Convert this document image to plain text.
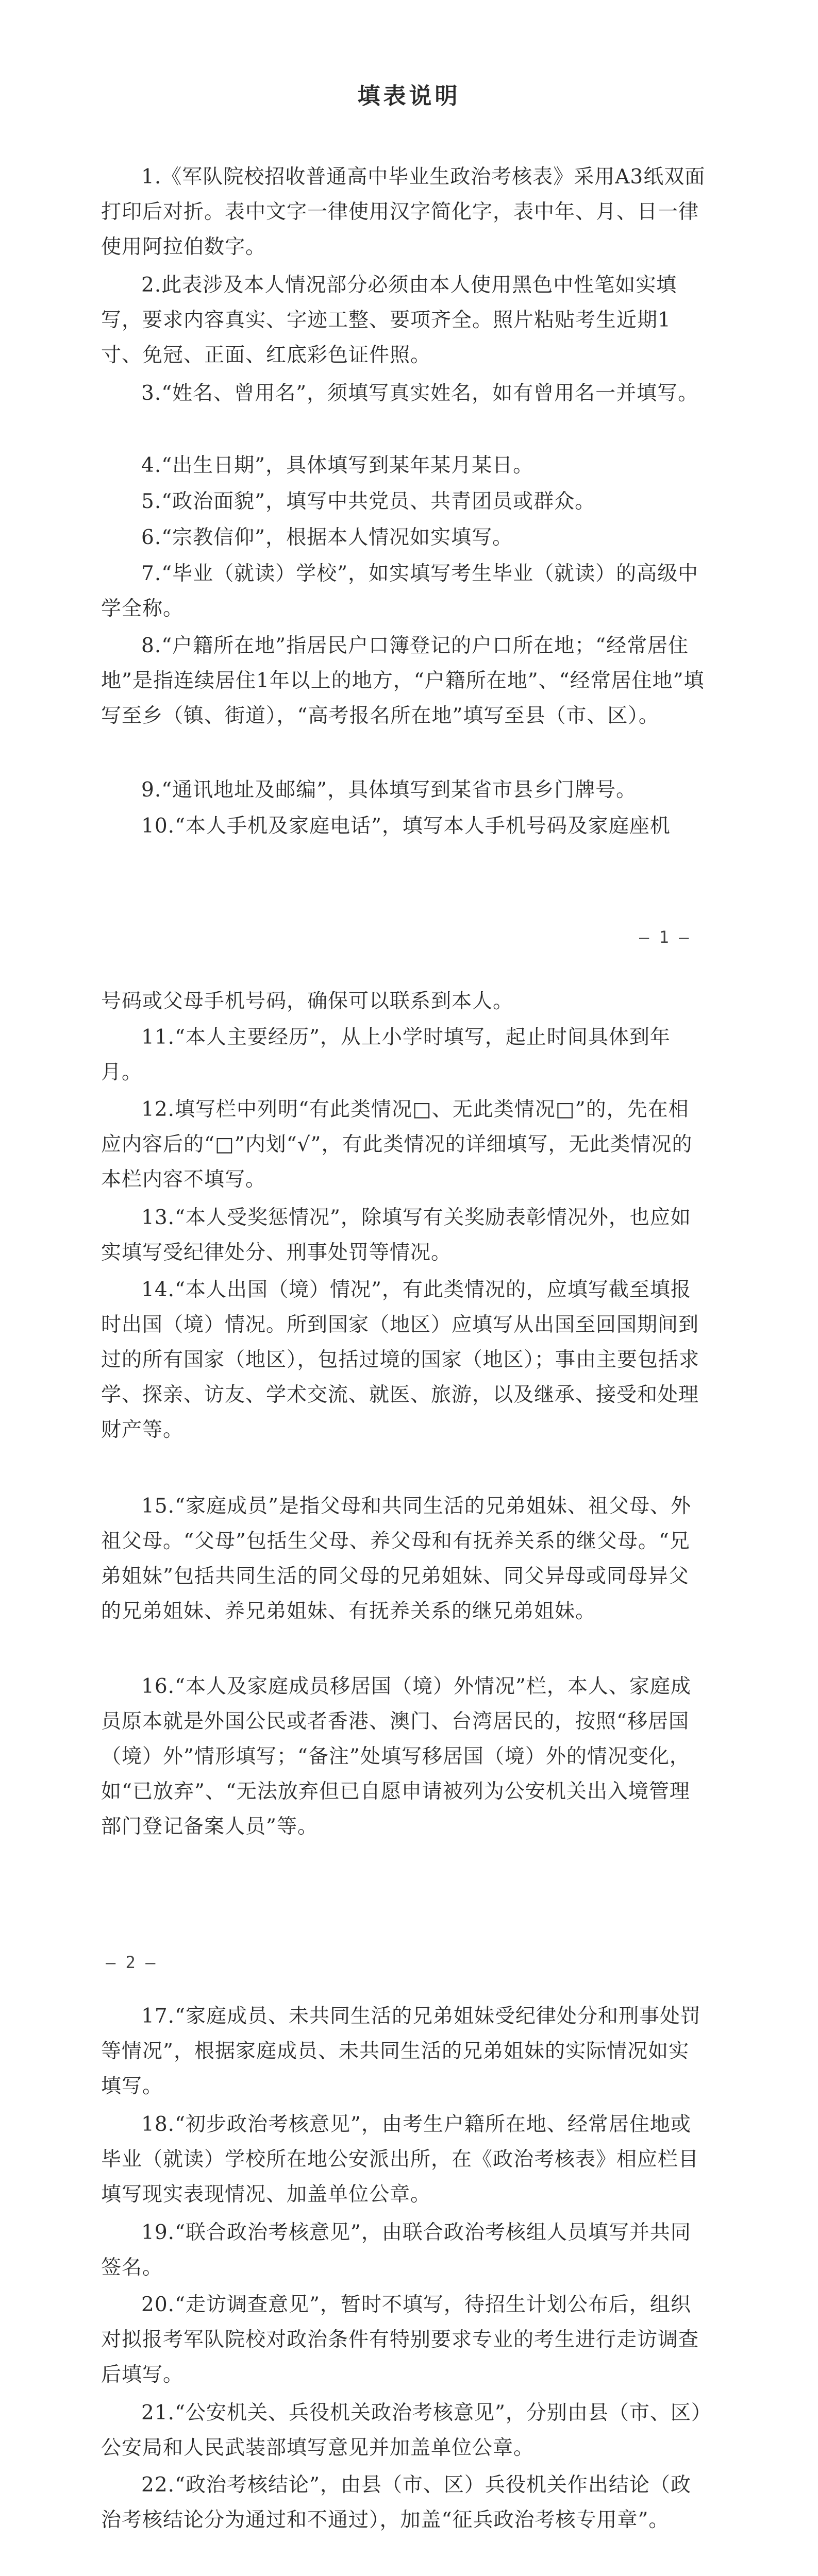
填表说明

1.《军队院校招收普通高中毕业生政治考核表》采用A3纸双面打印后对折。表中文字一律使用汉字简化字，表中年、月、日一律使用阿拉伯数字。

2.此表涉及本人情况部分必须由本人使用黑色中性笔如实填写，要求内容真实、字迹工整、要项齐全。照片粘贴考生近期1寸、免冠、正面、红底彩色证件照。

3.“姓名、曾用名”，须填写真实姓名，如有曾用名一并填写。

4.“出生日期”，具体填写到某年某月某日。

5.“政治面貌”，填写中共党员、共青团员或群众。

6.“宗教信仰”，根据本人情况如实填写。

7.“毕业（就读）学校”，如实填写考生毕业（就读）的高级中学全称。

8.“户籍所在地”指居民户口簿登记的户口所在地；“经常居住地”是指连续居住1年以上的地方，“户籍所在地”、“经常居住地”填写至乡（镇、街道），“高考报名所在地”填写至县（市、区）。

9.“通讯地址及邮编”，具体填写到某省市县乡门牌号。

10.“本人手机及家庭电话”，填写本人手机号码及家庭座机

— 1 —

号码或父母手机号码，确保可以联系到本人。

11.“本人主要经历”，从上小学时填写，起止时间具体到年月。

12.填写栏中列明“有此类情况□、无此类情况□”的，先在相应内容后的“□”内划“√”，有此类情况的详细填写，无此类情况的本栏内容不填写。

13.“本人受奖惩情况”，除填写有关奖励表彰情况外，也应如实填写受纪律处分、刑事处罚等情况。

14.“本人出国（境）情况”，有此类情况的，应填写截至填报时出国（境）情况。所到国家（地区）应填写从出国至回国期间到过的所有国家（地区），包括过境的国家（地区）；事由主要包括求学、探亲、访友、学术交流、就医、旅游，以及继承、接受和处理财产等。

15.“家庭成员”是指父母和共同生活的兄弟姐妹、祖父母、外祖父母。“父母”包括生父母、养父母和有抚养关系的继父母。“兄弟姐妹”包括共同生活的同父母的兄弟姐妹、同父异母或同母异父的兄弟姐妹、养兄弟姐妹、有抚养关系的继兄弟姐妹。

16.“本人及家庭成员移居国（境）外情况”栏，本人、家庭成员原本就是外国公民或者香港、澳门、台湾居民的，按照“移居国（境）外”情形填写；“备注”处填写移居国（境）外的情况变化，如“已放弃”、“无法放弃但已自愿申请被列为公安机关出入境管理部门登记备案人员”等。

— 2 —

17.“家庭成员、未共同生活的兄弟姐妹受纪律处分和刑事处罚等情况”，根据家庭成员、未共同生活的兄弟姐妹的实际情况如实填写。

18.“初步政治考核意见”，由考生户籍所在地、经常居住地或毕业（就读）学校所在地公安派出所，在《政治考核表》相应栏目填写现实表现情况、加盖单位公章。

19.“联合政治考核意见”，由联合政治考核组人员填写并共同签名。

20.“走访调查意见”，暂时不填写，待招生计划公布后，组织对拟报考军队院校对政治条件有特别要求专业的考生进行走访调查后填写。

21.“公安机关、兵役机关政治考核意见”，分别由县（市、区）公安局和人民武装部填写意见并加盖单位公章。

22.“政治考核结论”，由县（市、区）兵役机关作出结论（政治考核结论分为通过和不通过），加盖“征兵政治考核专用章”。
